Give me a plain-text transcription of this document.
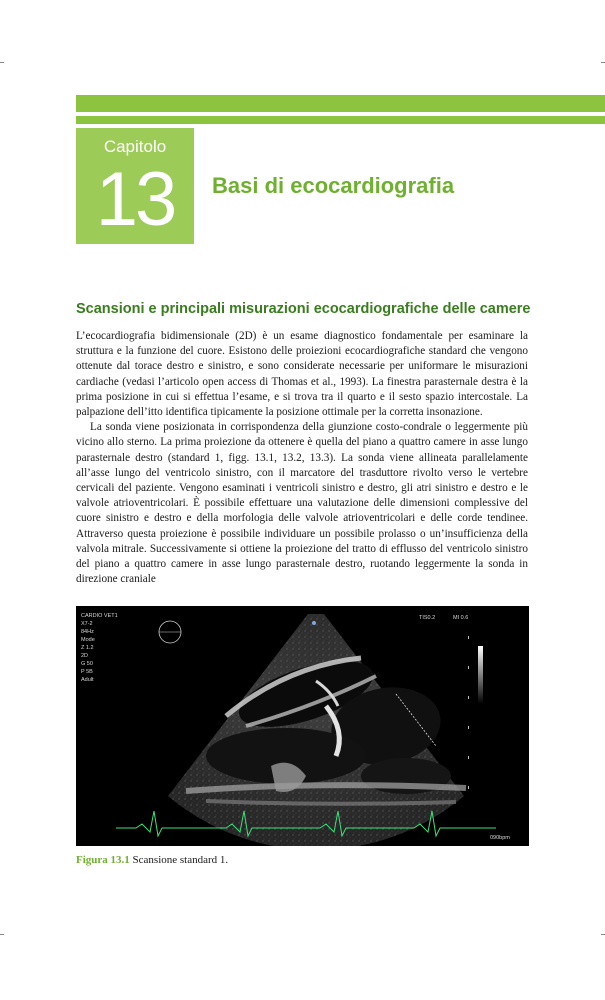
Capitolo
13	Basi di ecocardiografia
Scansioni e principali misurazioni ecocardiografiche delle camere

L’ecocardiografia bidimensionale (2D) è un esame diagnostico fondamentale per esaminare la struttura e la funzione del cuore. Esistono delle proiezioni ecocardiografiche standard che vengono ottenute dal torace destro e sinistro, e sono considerate necessarie per uniformare le misurazioni cardiache (vedasi l’articolo open access di Thomas et al., 1993). La finestra parasternale destra è la prima posizione in cui si effettua l’esame, e si trova tra il quarto e il sesto spazio intercostale. La palpazione dell’itto identifica tipicamente la posizione ottimale per la corretta insonazione.

La sonda viene posizionata in corrispondenza della giunzione costo-condrale o leggermente più vicino allo sterno. La prima proiezione da ottenere è quella del piano a quattro camere in asse lungo parasternale destro (standard 1, figg. 13.1, 13.2, 13.3). La sonda viene allineata parallelamente all’asse lungo del ventricolo sinistro, con il marcatore del trasduttore rivolto verso le vertebre cervicali del paziente. Vengono esaminati i ventricoli sinistro e destro, gli atri sinistro e destro e le valvole atrioventricolari. È possibile effettuare una valutazione delle dimensioni complessive del cuore sinistro e destro e della morfologia delle valvole atrioventricolari e delle corde tendinee. Attraverso questa proiezione è possibile individuare un possibile prolasso o un’insufficienza della valvola mitrale. Successivamente si ottiene la proiezione del tratto di efflusso del ventricolo sinistro del piano a quattro camere in asse lungo parasternale destro, ruotando leggermente la sonda in direzione craniale

CARDIO VET1
X7-2
84Hz
Mode
Z 1.2
2D
G 50
P 5B
Adult
TIS0.2	MI 0.6
090bpm
Figura 13.1 Scansione standard 1.
